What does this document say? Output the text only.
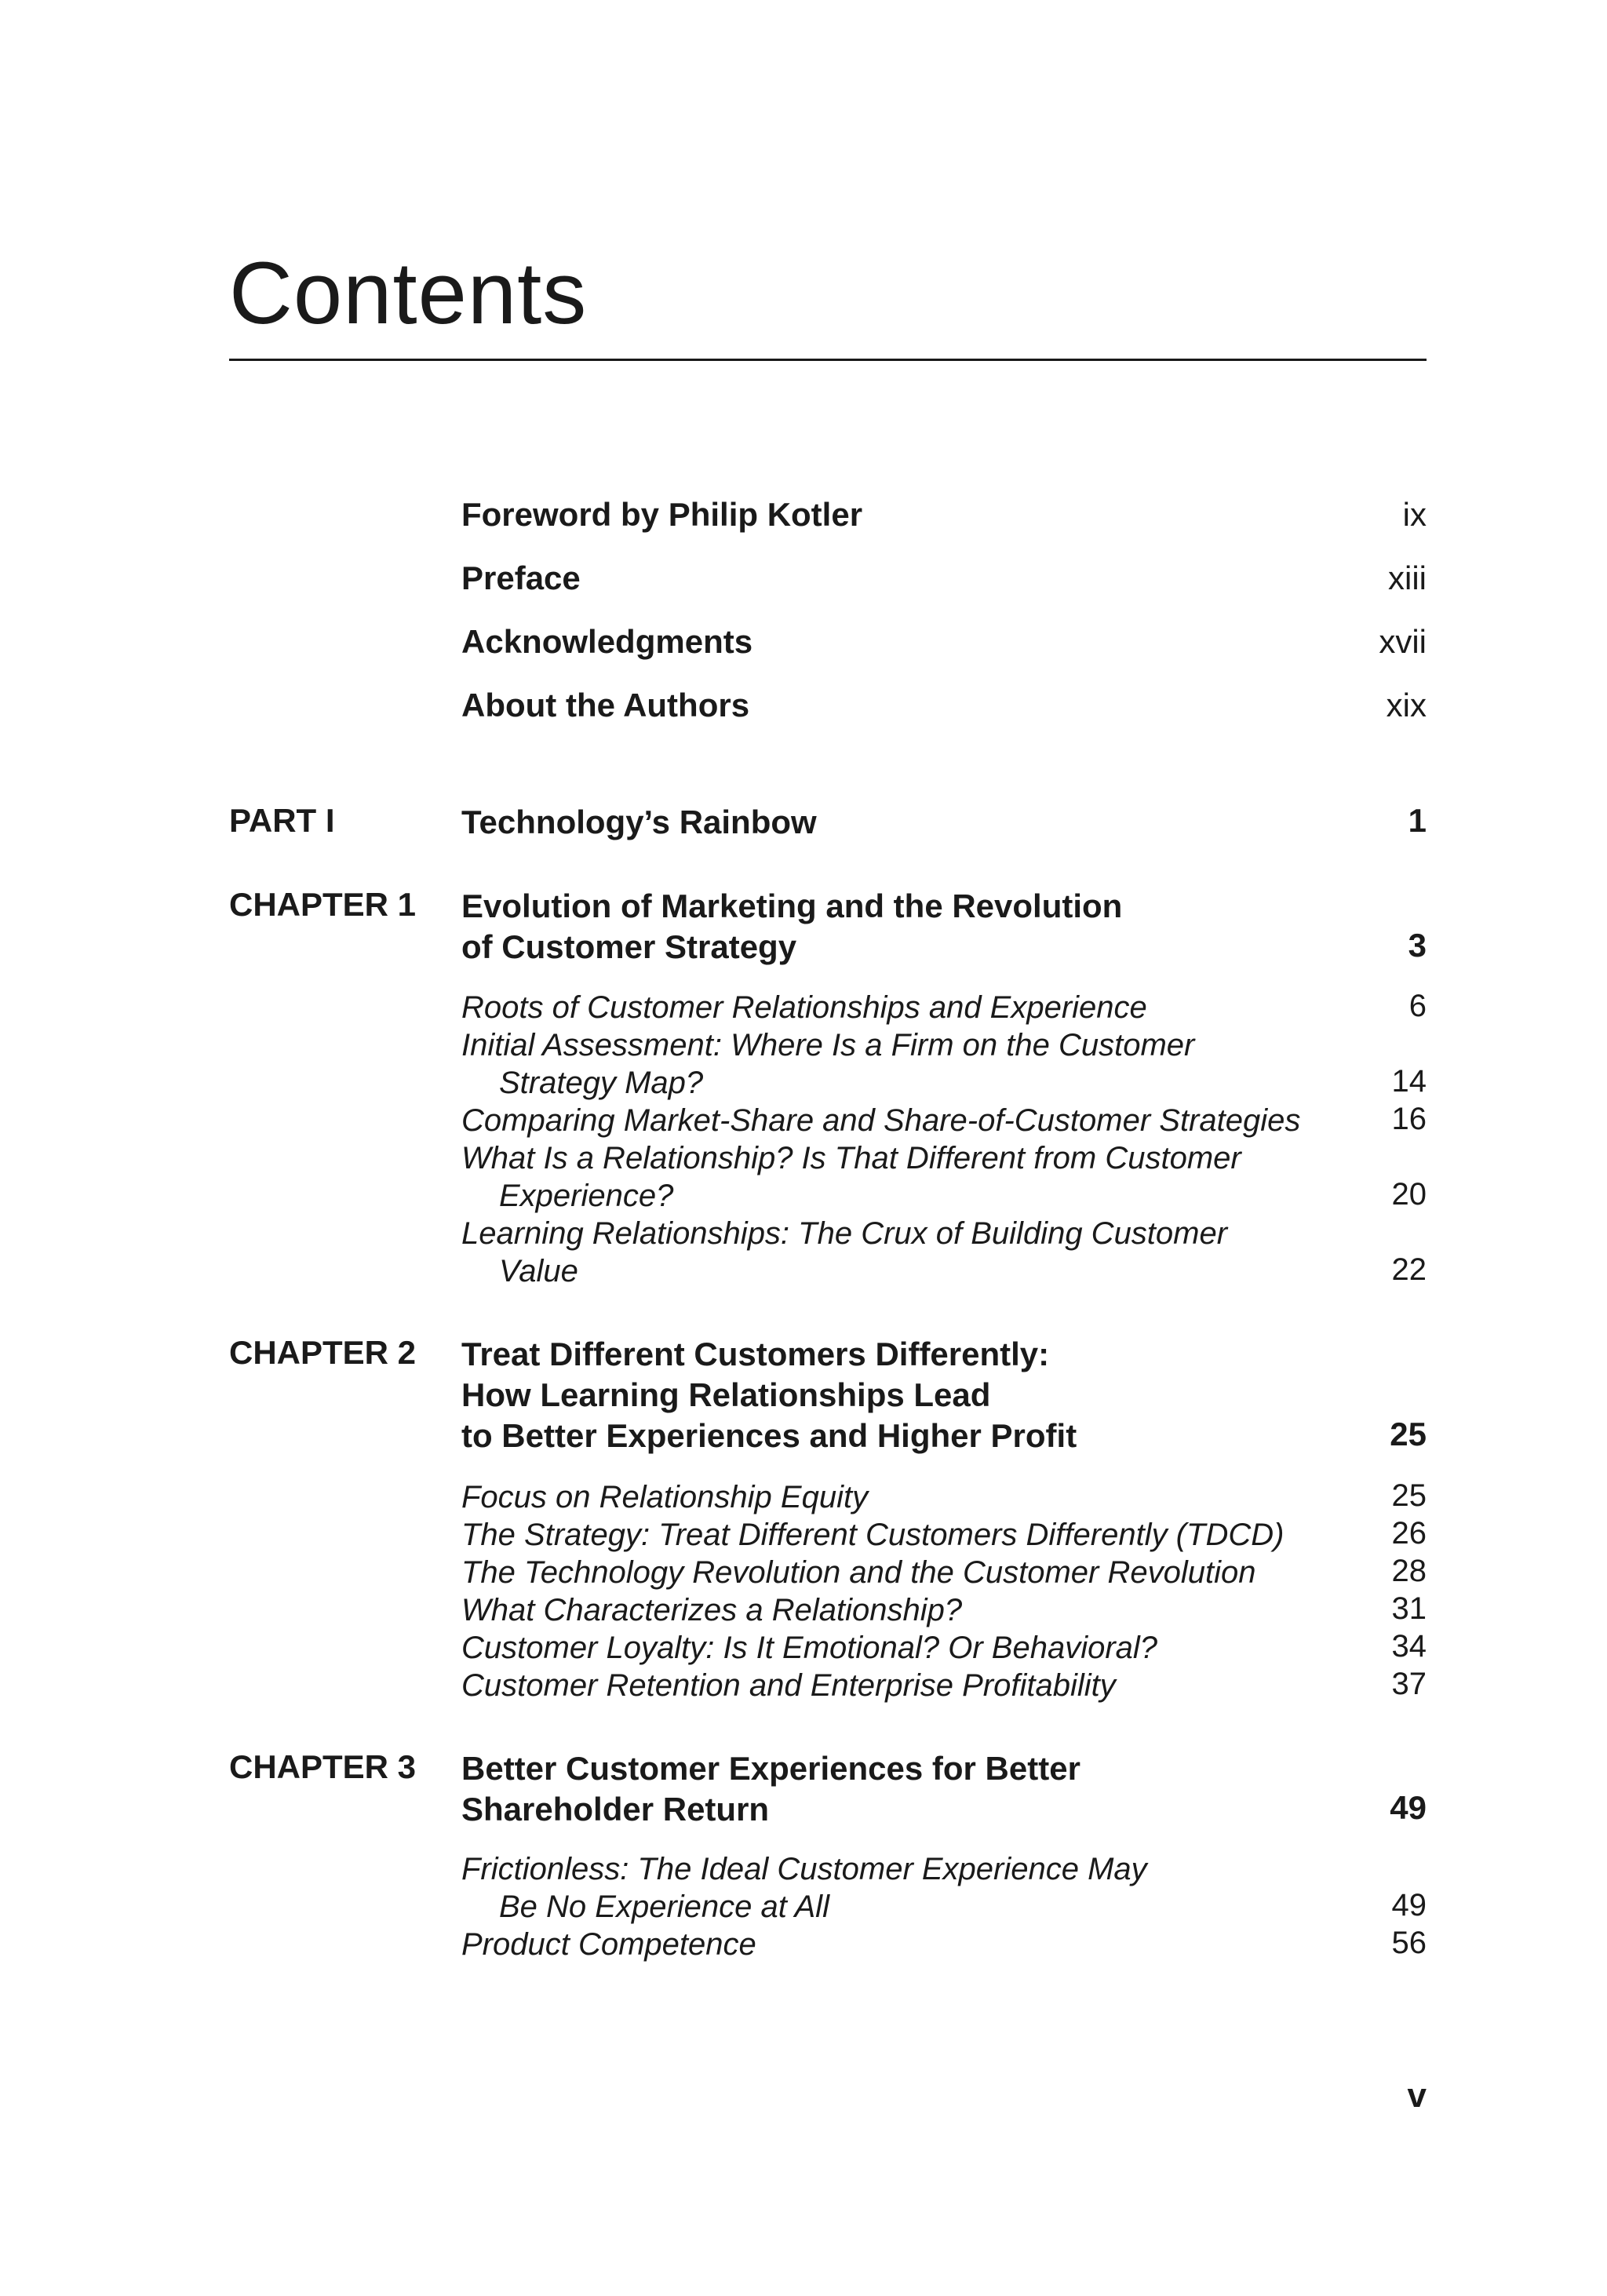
Contents
Foreword by Philip Kotler	ix
Preface	xiii
Acknowledgments	xvii
About the Authors	xix
PART I	Technology’s Rainbow	1
CHAPTER 1 Evolution of Marketing and the Revolution
of Customer Strategy	3
Roots of Customer Relationships and Experience	6
Initial Assessment: Where Is a Firm on the Customer
Strategy Map?	14
Comparing Market-Share and Share-of-Customer Strategies	16
What Is a Relationship? Is That Different from Customer
Experience?	20
Learning Relationships: The Crux of Building Customer
Value	22
CHAPTER 2 Treat Different Customers Differently:
How Learning Relationships Lead
to Better Experiences and Higher Profit	25
Focus on Relationship Equity	25
The Strategy: Treat Different Customers Differently (TDCD)	26
The Technology Revolution and the Customer Revolution	28
What Characterizes a Relationship?	31
Customer Loyalty: Is It Emotional? Or Behavioral?	34
Customer Retention and Enterprise Profitability	37
CHAPTER 3 Better Customer Experiences for Better
Shareholder Return	49
Frictionless: The Ideal Customer Experience May
Be No Experience at All	49
Product Competence	56
v
